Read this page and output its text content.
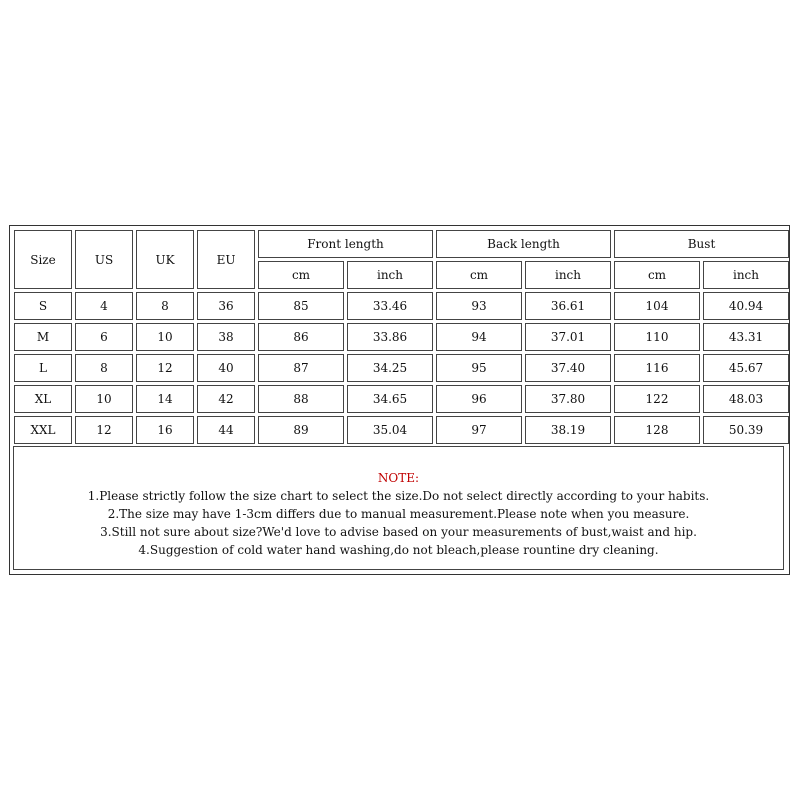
Size	US	UK	EU	Front length		Back length		Bust	
				cm	inch	cm	inch	cm	inch
S	4	8	36	85	33.46	93	36.61	104	40.94
M	6	10	38	86	33.86	94	37.01	110	43.31
L	8	12	40	87	34.25	95	37.40	116	45.67
XL	10	14	42	88	34.65	96	37.80	122	48.03
XXL	12	16	44	89	35.04	97	38.19	128	50.39
NOTE:
1.Please strictly follow the size chart to select the size.Do not select directly according to your habits.
2.The size may have 1-3cm differs due to manual measurement.Please note when you measure.
3.Still not sure about size?We'd love to advise based on your measurements of bust,waist and hip.
4.Suggestion of cold water hand washing,do not bleach,please rountine dry cleaning.
